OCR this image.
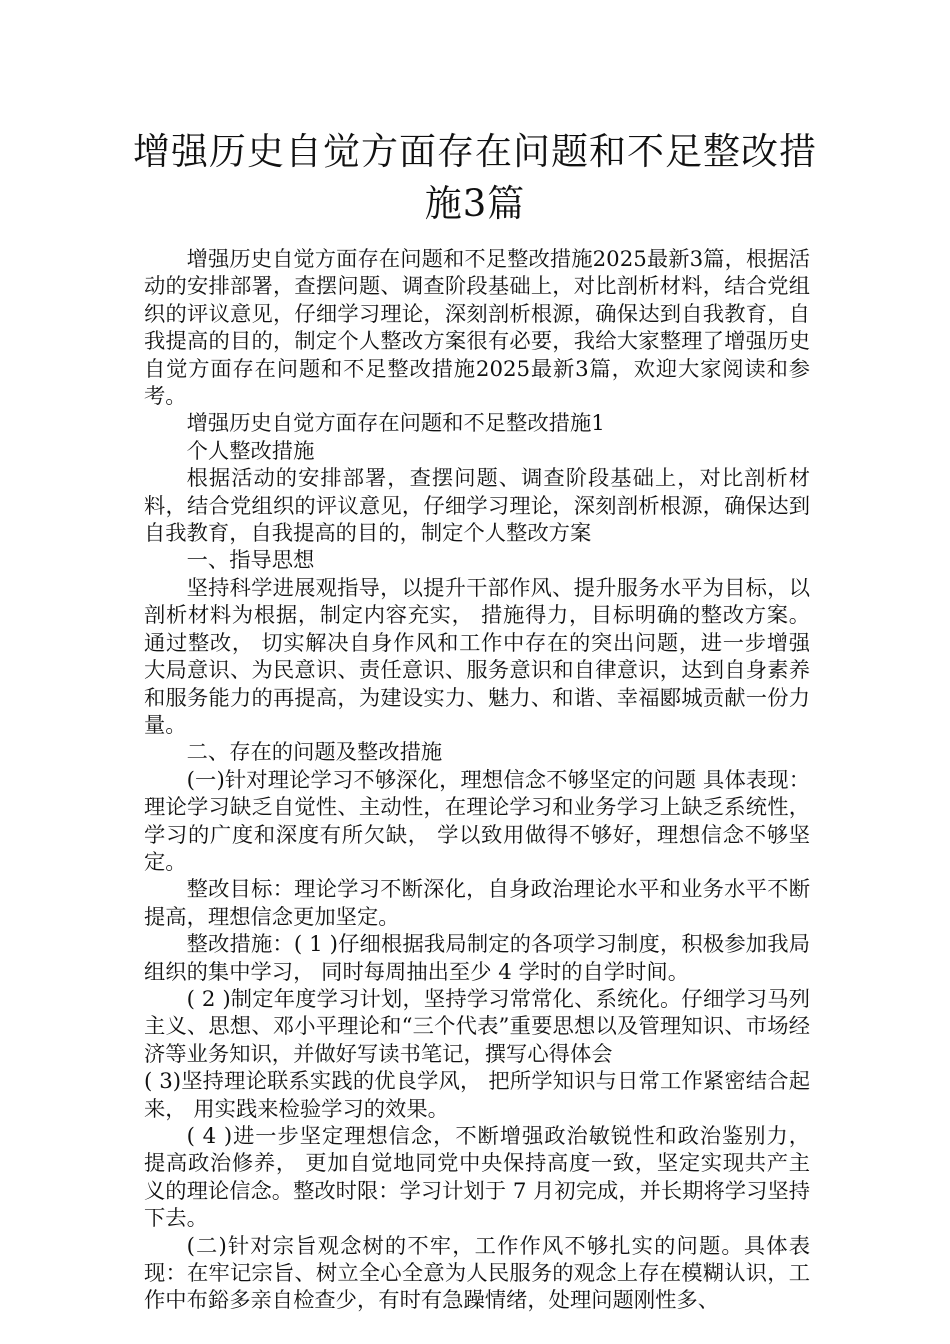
增强历史自觉方面存在问题和不足整改措
施3篇

增强历史自觉方面存在问题和不足整改措施2025最新3篇，根据活动的安排部署，查摆问题、调查阶段基础上，对比剖析材料，结合党组织的评议意见，仔细学习理论，深刻剖析根源，确保达到自我教育，自我提高的目的，制定个人整改方案很有必要，我给大家整理了增强历史自觉方面存在问题和不足整改措施2025最新3篇，欢迎大家阅读和参考。

增强历史自觉方面存在问题和不足整改措施1

个人整改措施

根据活动的安排部署，查摆问题、调查阶段基础上，对比剖析材料，结合党组织的评议意见，仔细学习理论，深刻剖析根源，确保达到自我教育，自我提高的目的，制定个人整改方案

一、指导思想

坚持科学进展观指导，以提升干部作风、提升服务水平为目标，以剖析材料为根据，制定内容充实， 措施得力，目标明确的整改方案。 通过整改， 切实解决自身作风和工作中存在的突出问题，进一步增强大局意识、为民意识、责任意识、服务意识和自律意识，达到自身素养和服务能力的再提高，为建设实力、魅力、和谐、幸福郾城贡献一份力量。

二、存在的问题及整改措施

(一)针对理论学习不够深化，理想信念不够坚定的问题 具体表现：理论学习缺乏自觉性、主动性，在理论学习和业务学习上缺乏系统性，学习的广度和深度有所欠缺， 学以致用做得不够好，理想信念不够坚定。

整改目标：理论学习不断深化，自身政治理论水平和业务水平不断提高，理想信念更加坚定。

整改措施：( 1 )仔细根据我局制定的各项学习制度，积极参加我局组织的集中学习， 同时每周抽出至少 4 学时的自学时间。

( 2 )制定年度学习计划，坚持学习常常化、系统化。仔细学习马列主义、思想、邓小平理论和“三个代表”重要思想以及管理知识、市场经济等业务知识，并做好写读书笔记，撰写心得体会

( 3)坚持理论联系实践的优良学风， 把所学知识与日常工作紧密结合起来， 用实践来检验学习的效果。

( 4 )进一步坚定理想信念，不断增强政治敏锐性和政治鉴别力， 提高政治修养， 更加自觉地同党中央保持高度一致，坚定实现共产主义的理论信念。整改时限：学习计划于 7 月初完成，并长期将学习坚持下去。

(二)针对宗旨观念树的不牢，工作作风不够扎实的问题。具体表现：在牢记宗旨、树立全心全意为人民服务的观念上存在模糊认识，工作中布鋊多亲自检查少，有时有急躁情绪，处理问题刚性多、
